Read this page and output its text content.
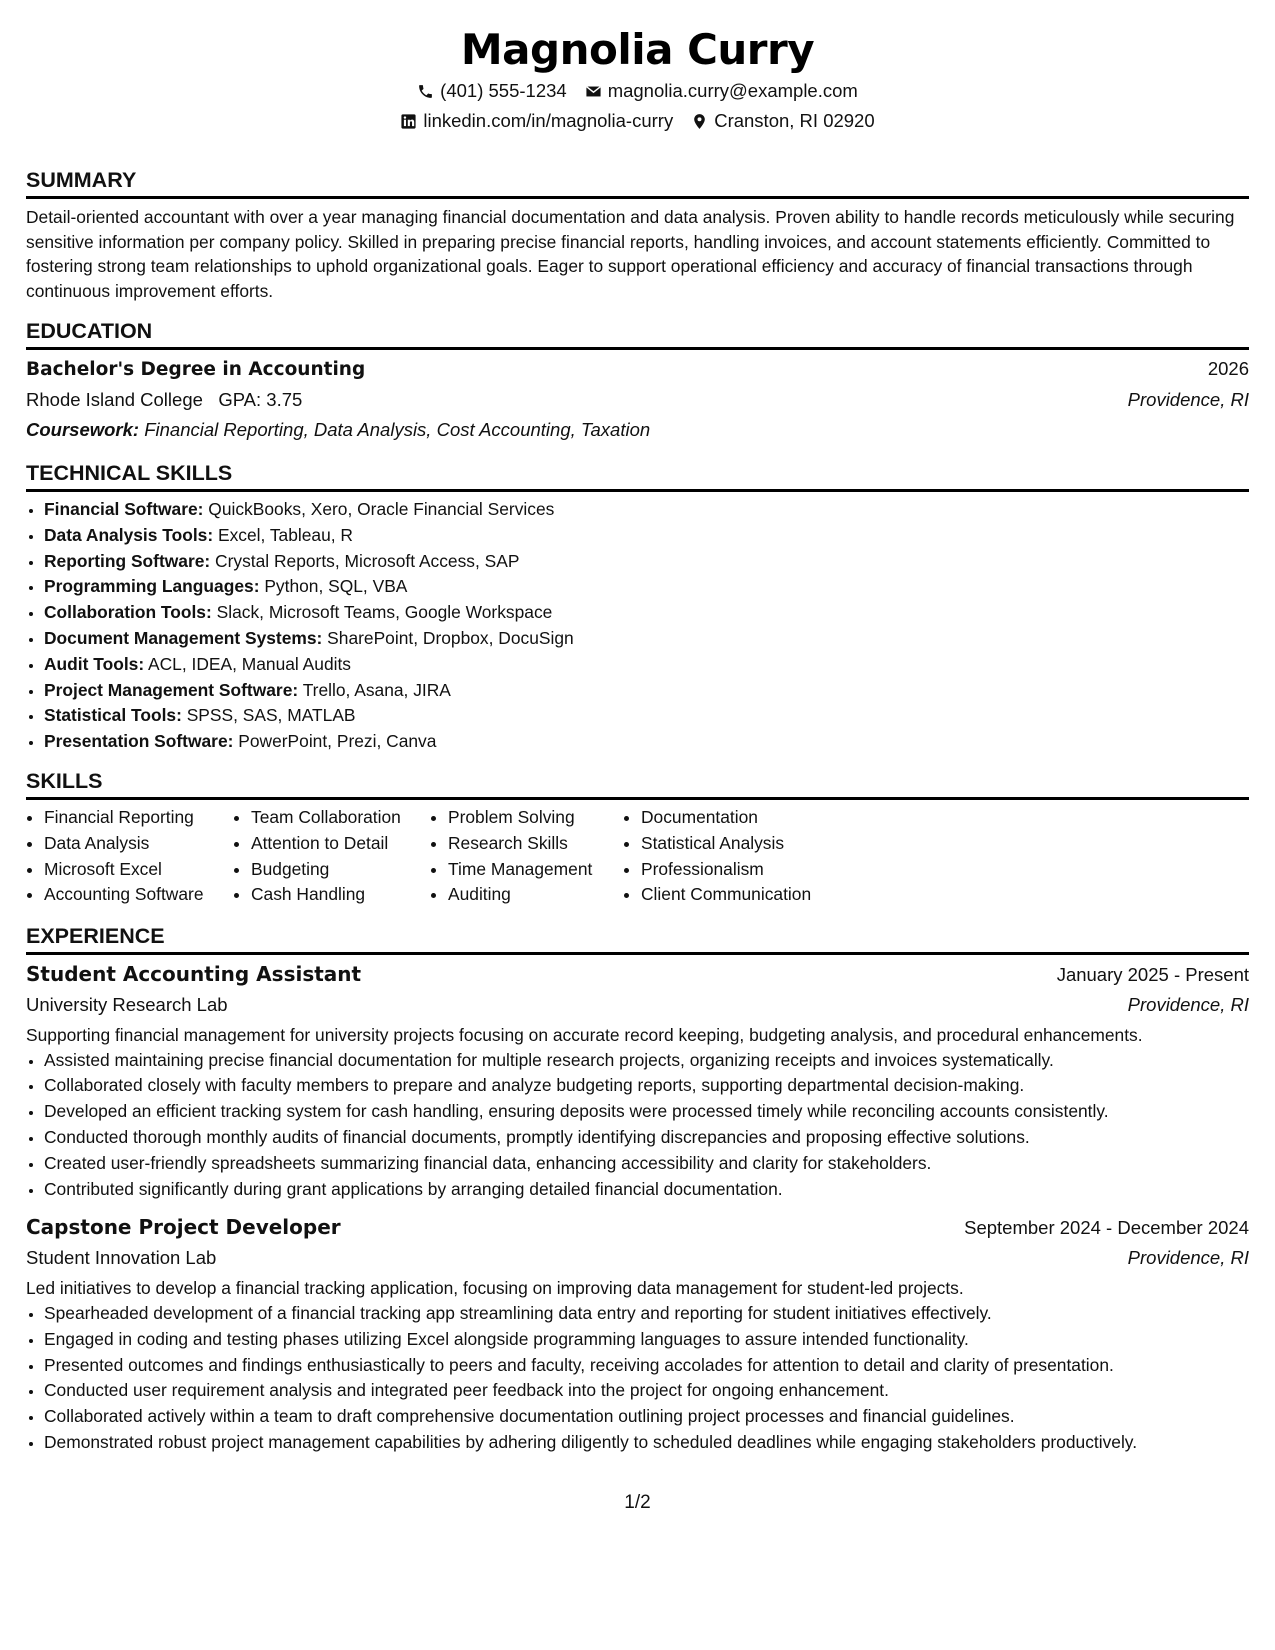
Magnolia Curry
(401) 555-1234 magnolia.curry@example.com
linkedin.com/in/magnolia-curry Cranston, RI 02920
SUMMARY

Detail-oriented accountant with over a year managing financial documentation and data analysis. Proven ability to handle records meticulously while securing sensitive information per company policy. Skilled in preparing precise financial reports, handling invoices, and account statements efficiently. Committed to fostering strong team relationships to uphold organizational goals. Eager to support operational efficiency and accuracy of financial transactions through continuous improvement efforts.

EDUCATION
Bachelor's Degree in Accounting	2026
Rhode Island College GPA: 3.75	Providence, RI
Coursework: Financial Reporting, Data Analysis, Cost Accounting, Taxation
TECHNICAL SKILLS
• Financial Software: QuickBooks, Xero, Oracle Financial Services
• Data Analysis Tools: Excel, Tableau, R
• Reporting Software: Crystal Reports, Microsoft Access, SAP
• Programming Languages: Python, SQL, VBA
• Collaboration Tools: Slack, Microsoft Teams, Google Workspace
• Document Management Systems: SharePoint, Dropbox, DocuSign
• Audit Tools: ACL, IDEA, Manual Audits
• Project Management Software: Trello, Asana, JIRA
• Statistical Tools: SPSS, SAS, MATLAB
• Presentation Software: PowerPoint, Prezi, Canva
SKILLS
• Financial Reporting
• Data Analysis
• Microsoft Excel
• Accounting Software
• Team Collaboration
• Attention to Detail
• Budgeting
• Cash Handling
• Problem Solving
• Research Skills
• Time Management
• Auditing
• Documentation
• Statistical Analysis
• Professionalism
• Client Communication
EXPERIENCE
Student Accounting Assistant	January 2025 - Present
University Research Lab	Providence, RI

Supporting financial management for university projects focusing on accurate record keeping, budgeting analysis, and procedural enhancements.

• Assisted maintaining precise financial documentation for multiple research projects, organizing receipts and invoices systematically.
• Collaborated closely with faculty members to prepare and analyze budgeting reports, supporting departmental decision-making.
• Developed an efficient tracking system for cash handling, ensuring deposits were processed timely while reconciling accounts consistently.
• Conducted thorough monthly audits of financial documents, promptly identifying discrepancies and proposing effective solutions.
• Created user-friendly spreadsheets summarizing financial data, enhancing accessibility and clarity for stakeholders.
• Contributed significantly during grant applications by arranging detailed financial documentation.
Capstone Project Developer	September 2024 - December 2024
Student Innovation Lab	Providence, RI

Led initiatives to develop a financial tracking application, focusing on improving data management for student-led projects.

• Spearheaded development of a financial tracking app streamlining data entry and reporting for student initiatives effectively.
• Engaged in coding and testing phases utilizing Excel alongside programming languages to assure intended functionality.
• Presented outcomes and findings enthusiastically to peers and faculty, receiving accolades for attention to detail and clarity of presentation.
• Conducted user requirement analysis and integrated peer feedback into the project for ongoing enhancement.
• Collaborated actively within a team to draft comprehensive documentation outlining project processes and financial guidelines.
• Demonstrated robust project management capabilities by adhering diligently to scheduled deadlines while engaging stakeholders productively.
1/2
